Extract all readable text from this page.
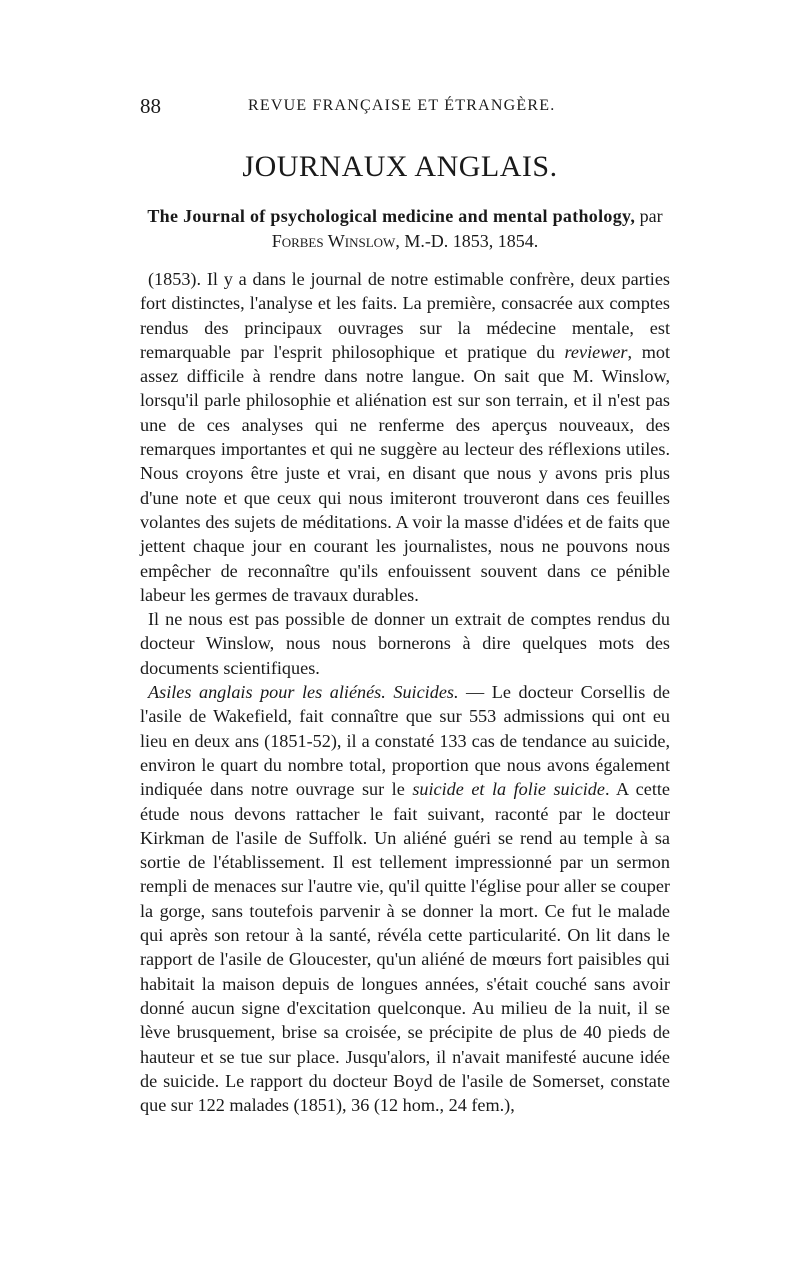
88	REVUE FRANÇAISE ET ÉTRANGÈRE.
JOURNAUX ANGLAIS.
The Journal of psychological medicine and mental pathology, par Forbes Winslow, M.-D. 1853, 1854.

(1853). Il y a dans le journal de notre estimable confrère, deux parties fort distinctes, l'analyse et les faits. La première, consacrée aux comptes rendus des principaux ouvrages sur la médecine mentale, est remarquable par l'esprit philosophique et pratique du reviewer, mot assez difficile à rendre dans notre langue. On sait que M. Winslow, lorsqu'il parle philosophie et aliénation est sur son terrain, et il n'est pas une de ces analyses qui ne renferme des aperçus nouveaux, des remarques importantes et qui ne suggère au lecteur des réflexions utiles. Nous croyons être juste et vrai, en disant que nous y avons pris plus d'une note et que ceux qui nous imiteront trouveront dans ces feuilles volantes des sujets de méditations. A voir la masse d'idées et de faits que jettent chaque jour en courant les journalistes, nous ne pouvons nous empêcher de reconnaître qu'ils enfouissent souvent dans ce pénible labeur les germes de travaux durables.

Il ne nous est pas possible de donner un extrait de comptes rendus du docteur Winslow, nous nous bornerons à dire quelques mots des documents scientifiques.

Asiles anglais pour les aliénés. Suicides. — Le docteur Corsellis de l'asile de Wakefield, fait connaître que sur 553 admissions qui ont eu lieu en deux ans (1851-52), il a constaté 133 cas de tendance au suicide, environ le quart du nombre total, proportion que nous avons également indiquée dans notre ouvrage sur le suicide et la folie suicide. A cette étude nous devons rattacher le fait suivant, raconté par le docteur Kirkman de l'asile de Suffolk. Un aliéné guéri se rend au temple à sa sortie de l'établissement. Il est tellement impressionné par un sermon rempli de menaces sur l'autre vie, qu'il quitte l'église pour aller se couper la gorge, sans toutefois parvenir à se donner la mort. Ce fut le malade qui après son retour à la santé, révéla cette particularité. On lit dans le rapport de l'asile de Gloucester, qu'un aliéné de mœurs fort paisibles qui habitait la maison depuis de longues années, s'était couché sans avoir donné aucun signe d'excitation quelconque. Au milieu de la nuit, il se lève brusquement, brise sa croisée, se précipite de plus de 40 pieds de hauteur et se tue sur place. Jusqu'alors, il n'avait manifesté aucune idée de suicide. Le rapport du docteur Boyd de l'asile de Somerset, constate que sur 122 malades (1851), 36 (12 hom., 24 fem.),
